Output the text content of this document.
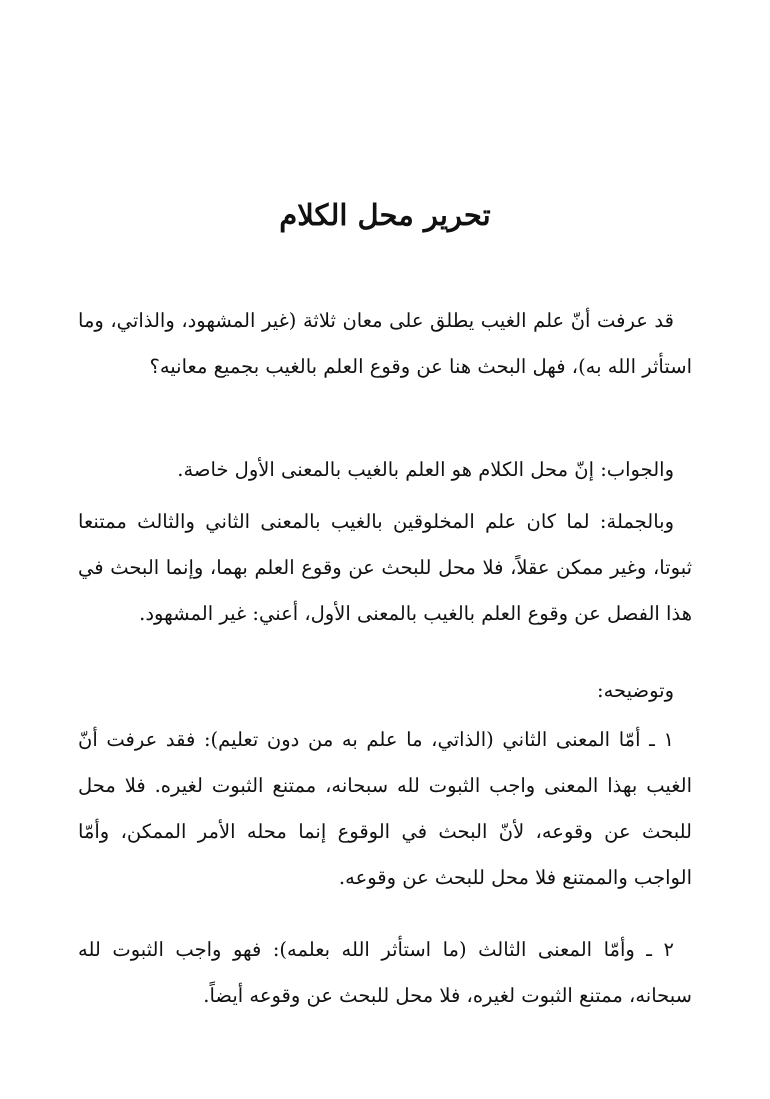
تحرير محل الكلام

قد عرفت أنّ علم الغيب يطلق على معان ثلاثة (غير المشهود، والذاتي، وما استأثر الله به)، فهل البحث هنا عن وقوع العلم بالغيب بجميع معانيه؟

والجواب: إنّ محل الكلام هو العلم بالغيب بالمعنى الأول خاصة.

وبالجملة: لما كان علم المخلوقين بالغيب بالمعنى الثاني والثالث ممتنعا ثبوتا، وغير ممكن عقلاً، فلا محل للبحث عن وقوع العلم بهما، وإنما البحث في هذا الفصل عن وقوع العلم بالغيب بالمعنى الأول، أعني: غير المشهود.

وتوضيحه:

١ ـ أمّا المعنى الثاني (الذاتي، ما علم به من دون تعليم): فقد عرفت أنّ الغيب بهذا المعنى واجب الثبوت لله سبحانه، ممتنع الثبوت لغيره. فلا محل للبحث عن وقوعه، لأنّ البحث في الوقوع إنما محله الأمر الممكن، وأمّا الواجب والممتنع فلا محل للبحث عن وقوعه.

٢ ـ وأمّا المعنى الثالث (ما استأثر الله بعلمه): فهو واجب الثبوت لله سبحانه، ممتنع الثبوت لغيره، فلا محل للبحث عن وقوعه أيضاً.
